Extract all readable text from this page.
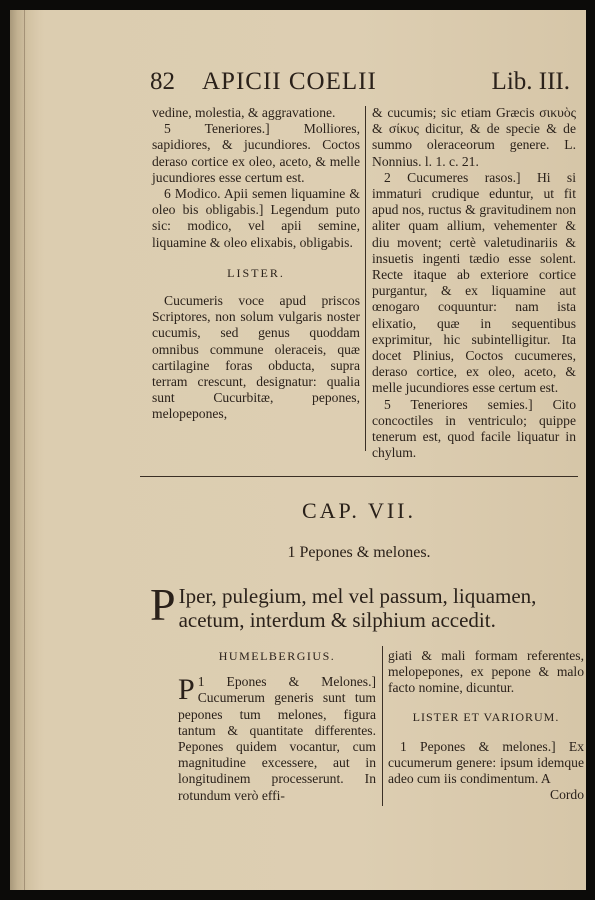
82 APICII COELII	Lib. III.

vedine, molestia, & aggravatione.

5 Teneriores.] Molliores, sapidiores, & jucundiores. Coctos deraso cortice ex oleo, aceto, & melle jucundiores esse certum est.

6 Modico. Apii semen liquamine & oleo bis obligabis.] Legendum puto sic: modico, vel apii semine, liquamine & oleo elixabis, obligabis.

LISTER.

Cucumeris voce apud priscos Scriptores, non solum vulgaris noster cucumis, sed genus quoddam omnibus commune oleraceis, quæ cartilagine foras obducta, supra terram crescunt, designatur: qualia sunt Cucurbitæ, pepones, melopepones,

& cucumis; sic etiam Græcis σικυὸς & σίκυς dicitur, & de specie & de summo oleraceorum genere. L. Nonnius. l. 1. c. 21.

2 Cucumeres rasos.] Hi si immaturi crudique eduntur, ut fit apud nos, ructus & gravitudinem non aliter quam allium, vehementer & diu movent; certè valetudinariis & insuetis ingenti tædio esse solent. Recte itaque ab exteriore cortice purgantur, & ex liquamine aut œnogaro coquuntur: nam ista elixatio, quæ in sequentibus exprimitur, hic subintelligitur. Ita docet Plinius, Coctos cucumeres, deraso cortice, ex oleo, aceto, & melle jucundiores esse certum est.

5 Teneriores semies.] Cito concoctiles in ventriculo; quippe tenerum est, quod facile liquatur in chylum.

CAP. VII.
1 Pepones & melones.
P Iper, pulegium, mel vel passum, liquamen, acetum, interdum & silphium accedit.

HUMELBERGIUS.

1
P Epones & Melones.] Cucumerum generis sunt tum pepones tum melones, figura tantum & quantitate differentes. Pepones quidem vocantur, cum magnitudine excessere, aut in longitudinem processerunt. In rotundum verò effi-

giati & mali formam referentes, melopepones, ex pepone & malo facto nomine, dicuntur.

LISTER ET VARIORUM.

1 Pepones & melones.] Ex cucumerum genere: ipsum idemque adeo cum iis condimentum. A

Cordo
